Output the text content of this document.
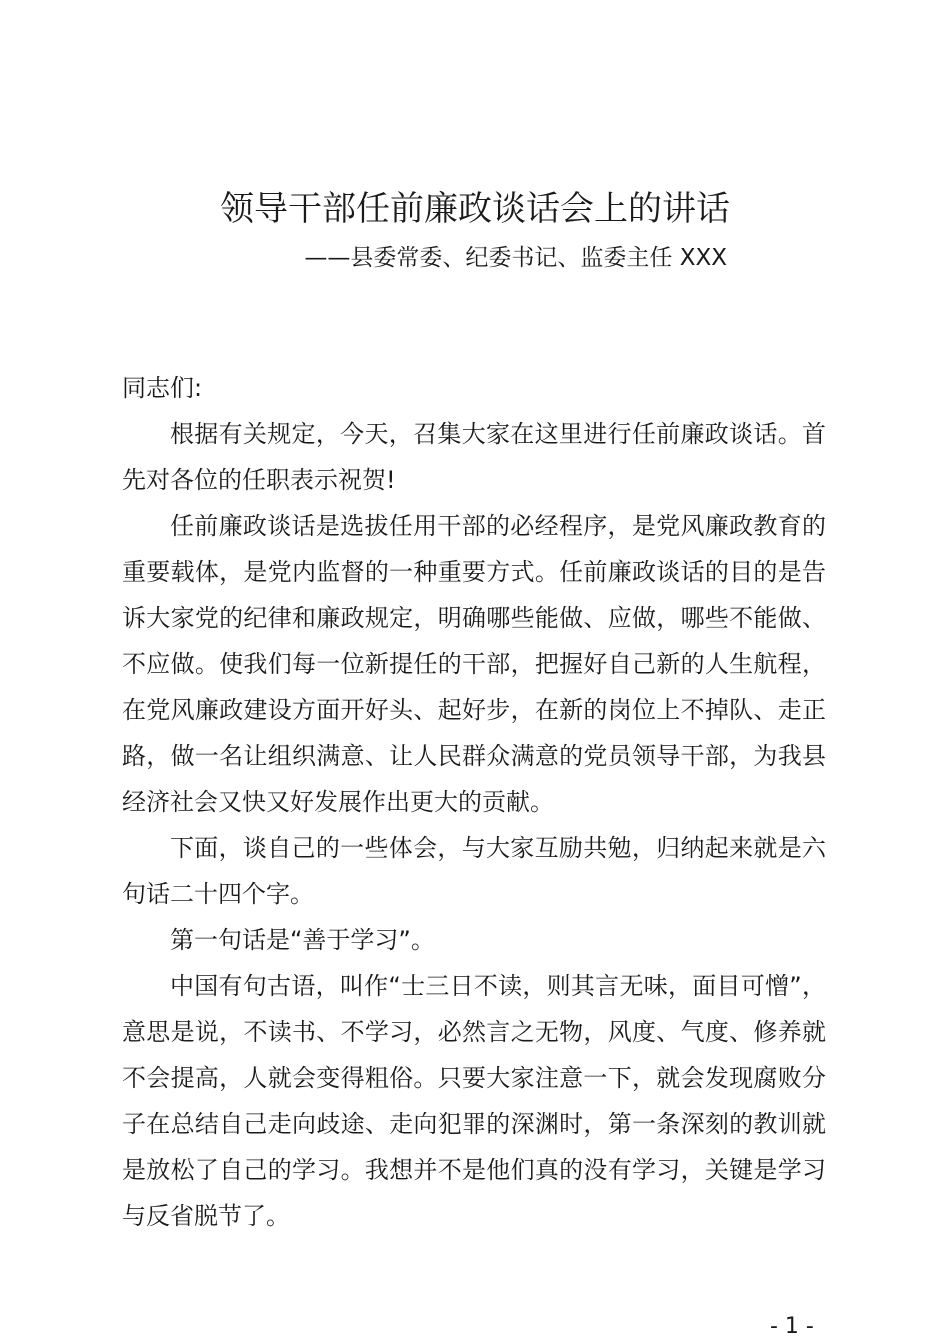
领导干部任前廉政谈话会上的讲话
——县委常委、纪委书记、监委主任 XXX

同志们:

根据有关规定，今天，召集大家在这里进行任前廉政谈话。首先对各位的任职表示祝贺!

任前廉政谈话是选拔任用干部的必经程序，是党风廉政教育的重要载体，是党内监督的一种重要方式。任前廉政谈话的目的是告诉大家党的纪律和廉政规定，明确哪些能做、应做，哪些不能做、不应做。使我们每一位新提任的干部，把握好自己新的人生航程，在党风廉政建设方面开好头、起好步，在新的岗位上不掉队、走正路，做一名让组织满意、让人民群众满意的党员领导干部，为我县经济社会又快又好发展作出更大的贡献。

下面，谈自己的一些体会，与大家互励共勉，归纳起来就是六句话二十四个字。

第一句话是“善于学习”。

中国有句古语，叫作“士三日不读，则其言无味，面目可憎”，意思是说，不读书、不学习，必然言之无物，风度、气度、修养就不会提高，人就会变得粗俗。只要大家注意一下，就会发现腐败分子在总结自己走向歧途、走向犯罪的深渊时，第一条深刻的教训就是放松了自己的学习。我想并不是他们真的没有学习，关键是学习与反省脱节了。

- 1 -
